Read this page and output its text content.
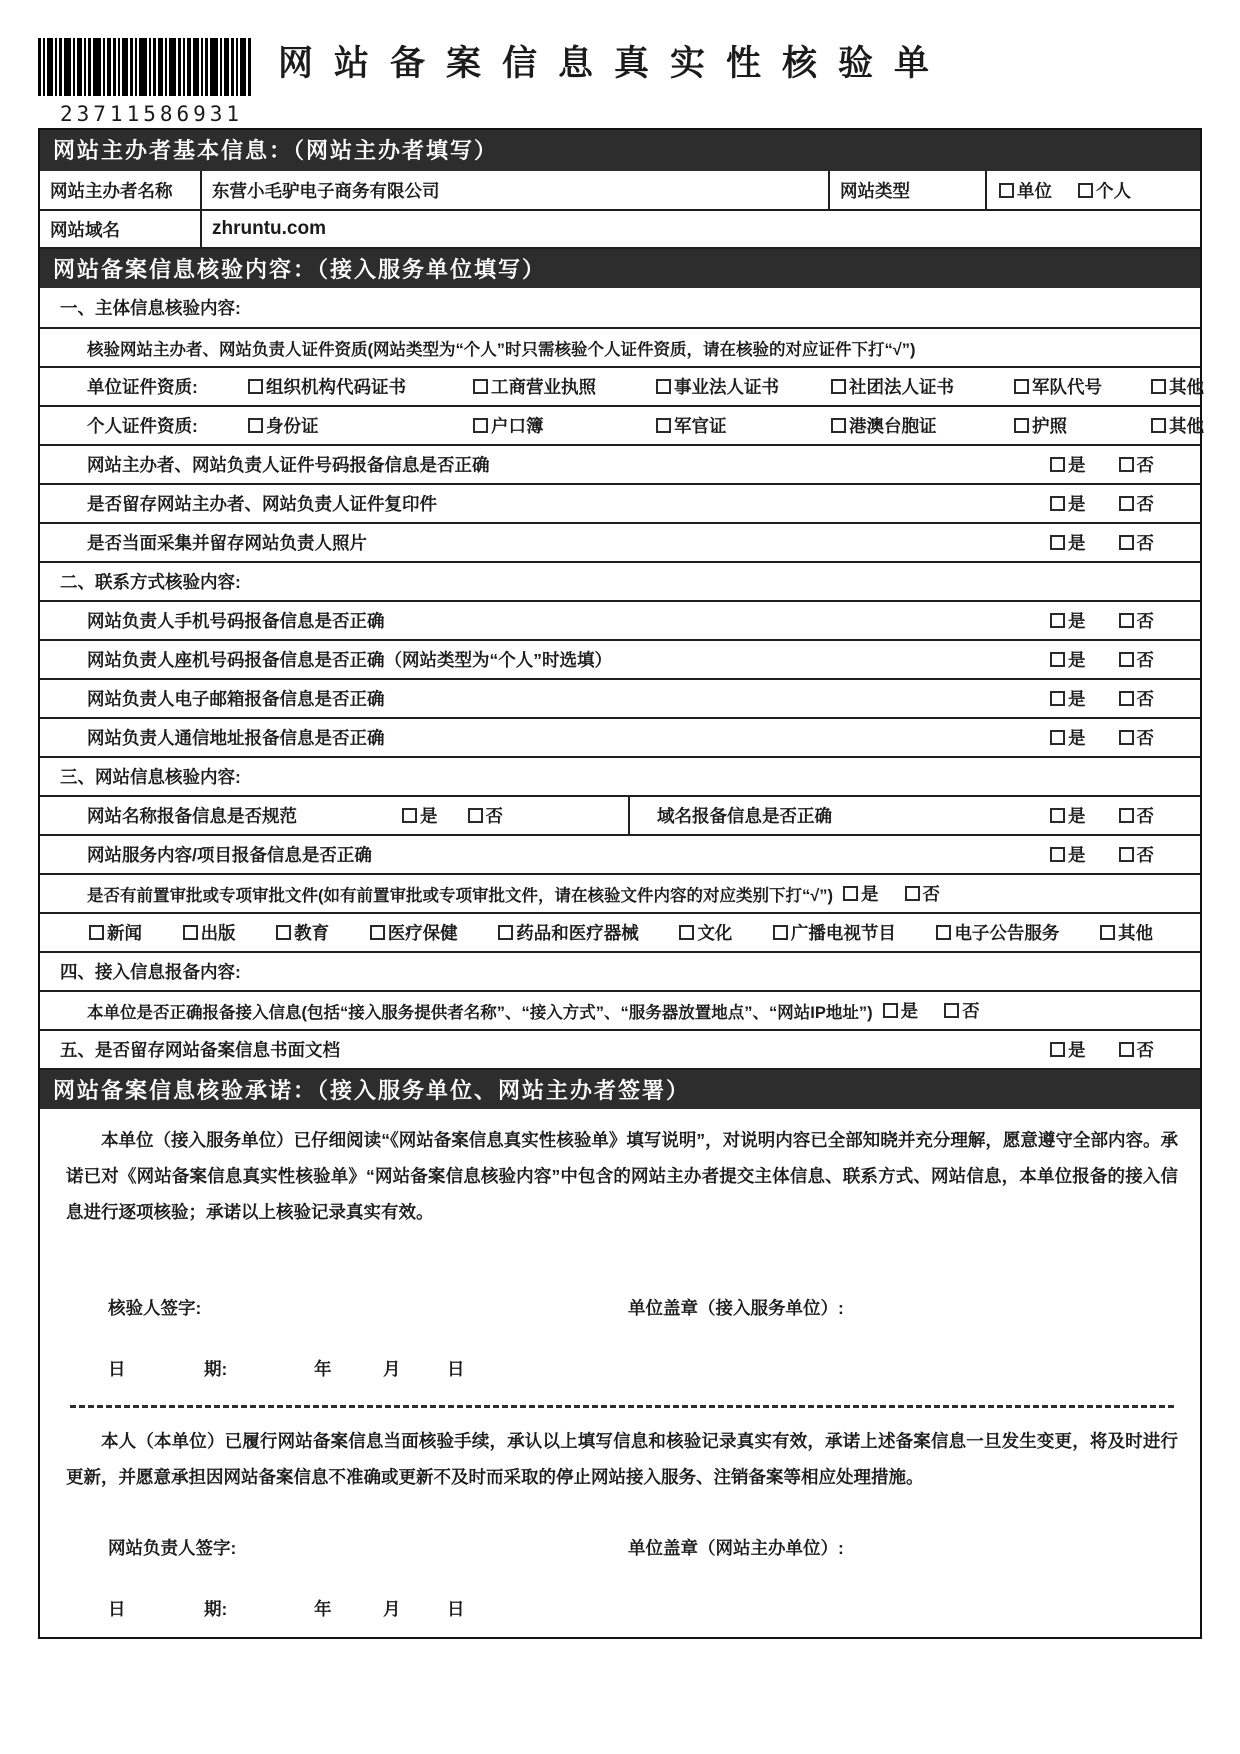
23711586931
网站备案信息真实性核验单
网站主办者基本信息：（网站主办者填写）
网站主办者名称	东营小毛驴电子商务有限公司	网站类型	单位	个人
网站域名	zhruntu.com
网站备案信息核验内容：（接入服务单位填写）
一、主体信息核验内容:
核验网站主办者、网站负责人证件资质(网站类型为“个人”时只需核验个人证件资质，请在核验的对应证件下打“√”)
单位证件资质:	组织机构代码证书	工商营业执照	事业法人证书	社团法人证书	军队代号	其他
个人证件资质:	身份证	户口簿	军官证	港澳台胞证	护照	其他
网站主办者、网站负责人证件号码报备信息是否正确	是	否
是否留存网站主办者、网站负责人证件复印件	是	否
是否当面采集并留存网站负责人照片	是	否
二、联系方式核验内容:
网站负责人手机号码报备信息是否正确	是	否
网站负责人座机号码报备信息是否正确（网站类型为“个人”时选填）	是	否
网站负责人电子邮箱报备信息是否正确	是	否
网站负责人通信地址报备信息是否正确	是	否
三、网站信息核验内容:
网站名称报备信息是否规范	是	否	域名报备信息是否正确	是	否
网站服务内容/项目报备信息是否正确	是	否
是否有前置审批或专项审批文件(如有前置审批或专项审批文件，请在核验文件内容的对应类别下打“√”) 是	否
新闻	出版	教育	医疗保健	药品和医疗器械	文化	广播电视节目	电子公告服务	其他
四、接入信息报备内容:
本单位是否正确报备接入信息(包括“接入服务提供者名称”、“接入方式”、“服务器放置地点”、“网站IP地址”) 是	否
五、是否留存网站备案信息书面文档	是	否
网站备案信息核验承诺：（接入服务单位、网站主办者签署）

本单位（接入服务单位）已仔细阅读“《网站备案信息真实性核验单》填写说明”，对说明内容已全部知晓并充分理解，愿意遵守全部内容。承诺已对《网站备案信息真实性核验单》“网站备案信息核验内容”中包含的网站主办者提交主体信息、联系方式、网站信息，本单位报备的接入信息进行逐项核验；承诺以上核验记录真实有效。

核验人签字:	单位盖章（接入服务单位）:
日	期:	年	月	日

本人（本单位）已履行网站备案信息当面核验手续，承认以上填写信息和核验记录真实有效，承诺上述备案信息一旦发生变更，将及时进行更新，并愿意承担因网站备案信息不准确或更新不及时而采取的停止网站接入服务、注销备案等相应处理措施。

网站负责人签字:	单位盖章（网站主办单位）:
日	期:	年	月	日
